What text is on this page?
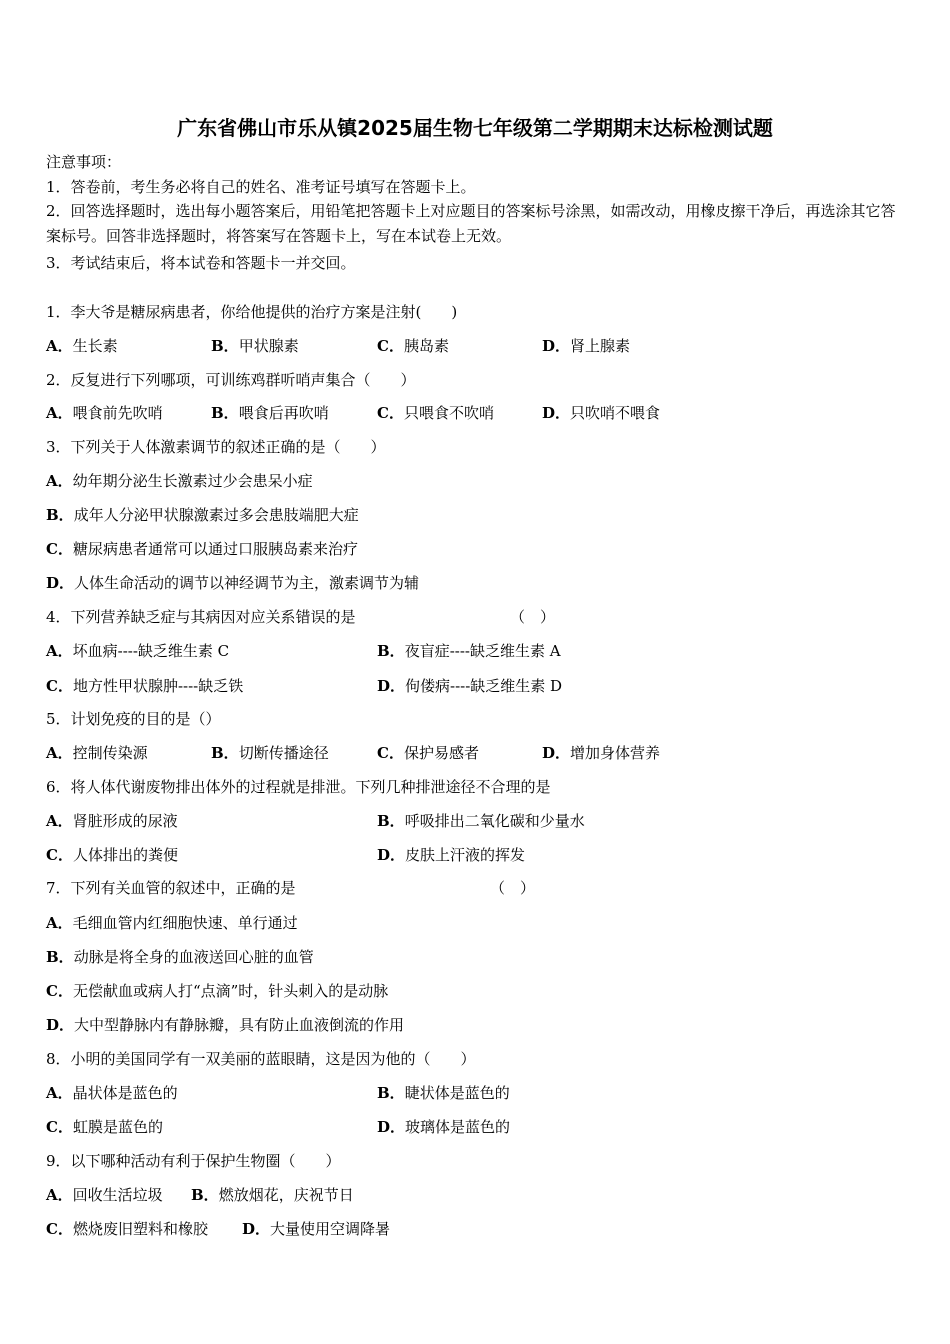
广东省佛山市乐从镇2025届生物七年级第二学期期末达标检测试题
注意事项：
1．答卷前，考生务必将自己的姓名、准考证号填写在答题卡上。
2．回答选择题时，选出每小题答案后，用铅笔把答题卡上对应题目的答案标号涂黑，如需改动，用橡皮擦干净后，再选涂其它答案标号。回答非选择题时，将答案写在答题卡上，写在本试卷上无效。
3．考试结束后，将本试卷和答题卡一并交回。
1．李大爷是糖尿病患者，你给他提供的治疗方案是注射(　　)
A．生长素	B．甲状腺素	C．胰岛素	D．肾上腺素
2．反复进行下列哪项，可训练鸡群听哨声集合（　　）
A．喂食前先吹哨	B．喂食后再吹哨	C．只喂食不吹哨	D．只吹哨不喂食
3．下列关于人体激素调节的叙述正确的是（　　）
A．幼年期分泌生长激素过少会患呆小症
B．成年人分泌甲状腺激素过多会患肢端肥大症
C．糖尿病患者通常可以通过口服胰岛素来治疗
D．人体生命活动的调节以神经调节为主，激素调节为辅
4．下列营养缺乏症与其病因对应关系错误的是	（　）
A．坏血病----缺乏维生素 C	B．夜盲症----缺乏维生素 A
C．地方性甲状腺肿----缺乏铁	D．佝偻病----缺乏维生素 D
5．计划免疫的目的是（）
A．控制传染源	B．切断传播途径	C．保护易感者	D．增加身体营养
6．将人体代谢废物排出体外的过程就是排泄。下列几种排泄途径不合理的是
A．肾脏形成的尿液	B．呼吸排出二氧化碳和少量水
C．人体排出的粪便	D．皮肤上汗液的挥发
7．下列有关血管的叙述中，正确的是	（　）
A．毛细血管内红细胞快速、单行通过
B．动脉是将全身的血液送回心脏的血管
C．无偿献血或病人打“点滴”时，针头刺入的是动脉
D．大中型静脉内有静脉瓣，具有防止血液倒流的作用
8．小明的美国同学有一双美丽的蓝眼睛，这是因为他的（　　）
A．晶状体是蓝色的	B．睫状体是蓝色的
C．虹膜是蓝色的	D．玻璃体是蓝色的
9．以下哪种活动有利于保护生物圈（　　）
A．回收生活垃圾 B．燃放烟花，庆祝节日
C．燃烧废旧塑料和橡胶 D．大量使用空调降暑
